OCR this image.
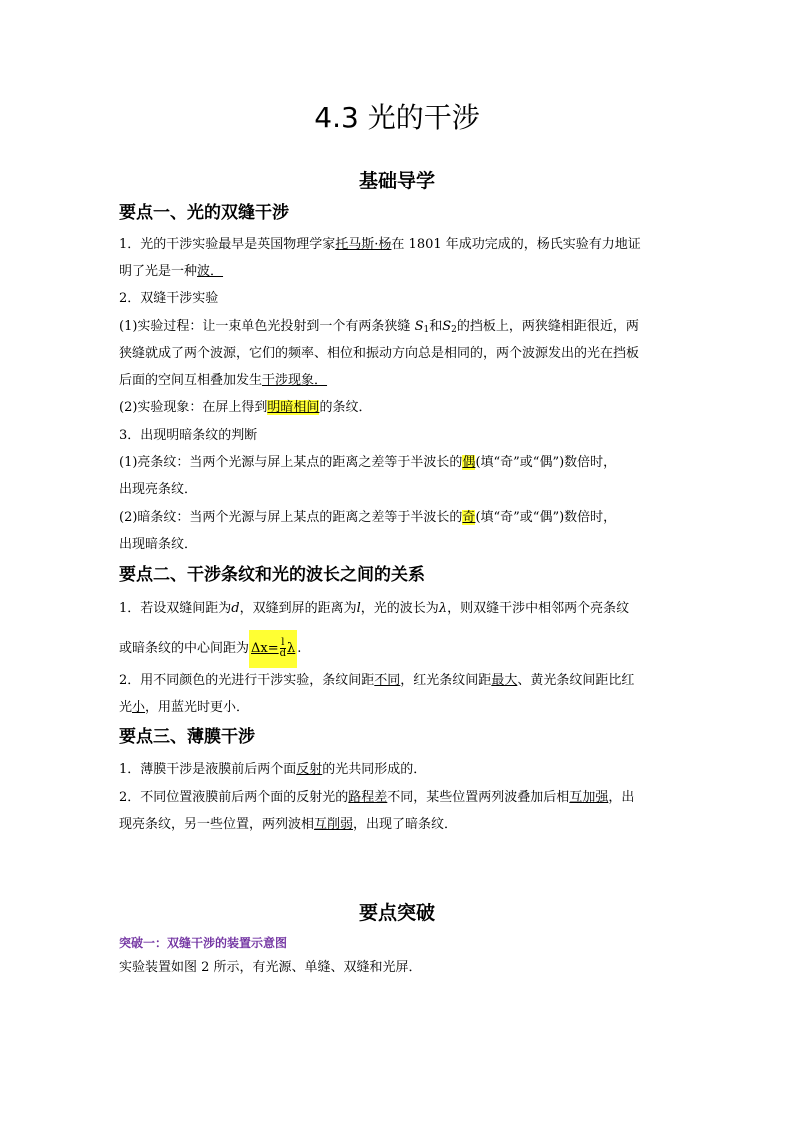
4.3 光的干涉
基础导学
要点一、光的双缝干涉
1．光的干涉实验最早是英国物理学家托马斯·杨在 1801 年成功完成的，杨氏实验有力地证
明了光是一种波．
2．双缝干涉实验
(1)实验过程：让一束单色光投射到一个有两条狭缝 $S_1$和$S_2$的挡板上，两狭缝相距很近，两
狭缝就成了两个波源，它们的频率、相位和振动方向总是相同的，两个波源发出的光在挡板
后面的空间互相叠加发生干涉现象．
(2)实验现象：在屏上得到明暗相间的条纹．
3．出现明暗条纹的判断
(1)亮条纹：当两个光源与屏上某点的距离之差等于半波长的偶(填“奇”或“偶”)数倍时，
出现亮条纹．
(2)暗条纹：当两个光源与屏上某点的距离之差等于半波长的奇(填“奇”或“偶”)数倍时，
出现暗条纹．
要点二、干涉条纹和光的波长之间的关系
1．若设双缝间距为d，双缝到屏的距离为l，光的波长为λ，则双缝干涉中相邻两个亮条纹
或暗条纹的中心间距为 $\Delta x= \frac{l}{d}$ λ .
2．用不同颜色的光进行干涉实验，条纹间距不同，红光条纹间距最大、黄光条纹间距比红
光小，用蓝光时更小．
要点三、薄膜干涉
1．薄膜干涉是液膜前后两个面反射的光共同形成的．
2．不同位置液膜前后两个面的反射光的路程差不同，某些位置两列波叠加后相互加强，出
现亮条纹，另一些位置，两列波相互削弱，出现了暗条纹．
要点突破
突破一：双缝干涉的装置示意图
实验装置如图 2 所示，有光源、单缝、双缝和光屏．
